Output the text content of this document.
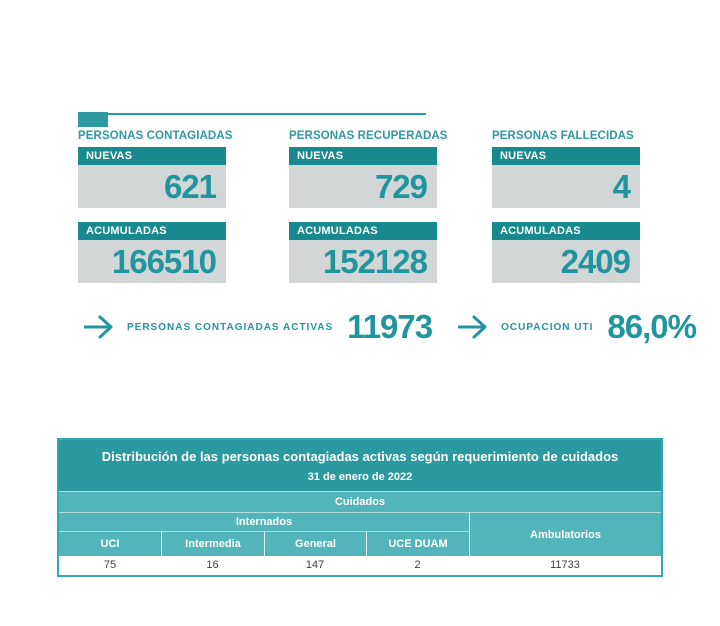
PERSONAS CONTAGIADAS
NUEVAS
621
ACUMULADAS
166510
PERSONAS RECUPERADAS
NUEVAS
729
ACUMULADAS
152128
PERSONAS FALLECIDAS
NUEVAS
4
ACUMULADAS
2409
PERSONAS CONTAGIADAS ACTIVAS 11973	OCUPACION UTI 86,0%
Distribución de las personas contagiadas activas según requerimiento de cuidados
31 de enero de 2022
Cuidados
Internados
Ambulatorios
UCI	Intermedia	General	UCE DUAM
75	16	147	2	11733
